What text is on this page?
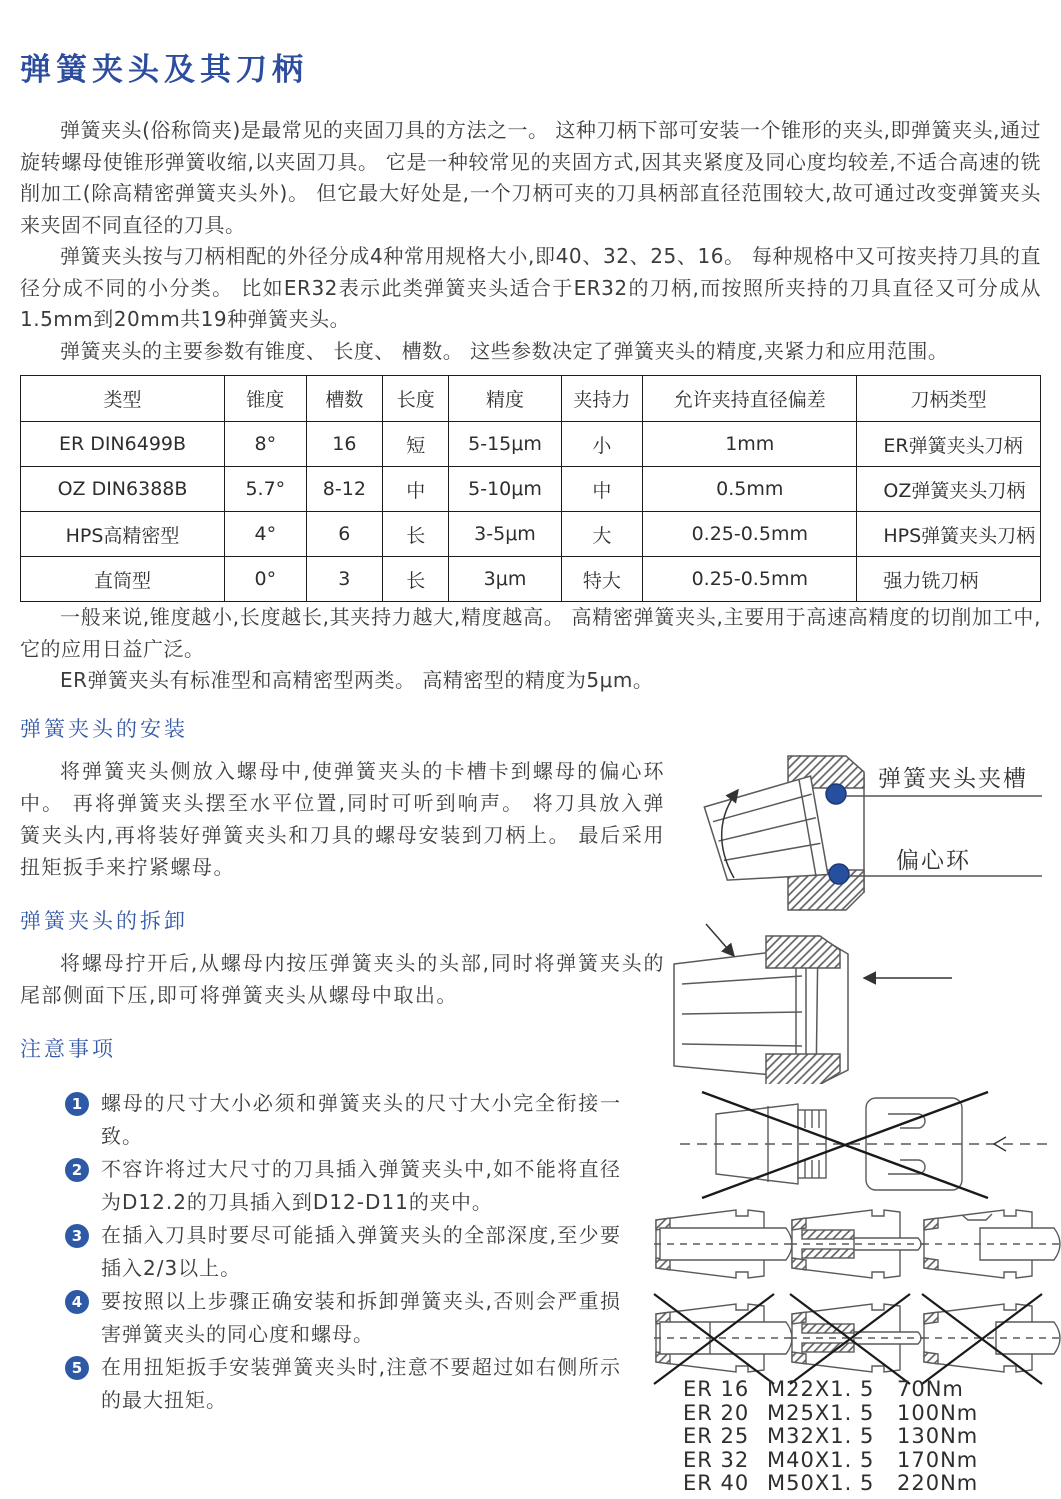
弹簧夹头及其刀柄

弹簧夹头(俗称筒夹)是最常见的夹固刀具的方法之一。 这种刀柄下部可安装一个锥形的夹头,即弹簧夹头,通过旋转螺母使锥形弹簧收缩,以夹固刀具。 它是一种较常见的夹固方式,因其夹紧度及同心度均较差,不适合高速的铣削加工(除高精密弹簧夹头外)。 但它最大好处是,一个刀柄可夹的刀具柄部直径范围较大,故可通过改变弹簧夹头来夹固不同直径的刀具。

弹簧夹头按与刀柄相配的外径分成4种常用规格大小,即40、32、25、16。 每种规格中又可按夹持刀具的直径分成不同的小分类。 比如ER32表示此类弹簧夹头适合于ER32的刀柄,而按照所夹持的刀具直径又可分成从1.5mm到20mm共19种弹簧夹头。

弹簧夹头的主要参数有锥度、 长度、 槽数。 这些参数决定了弹簧夹头的精度,夹紧力和应用范围。

类型	锥度	槽数	长度	精度	夹持力	允许夹持直径偏差	刀柄类型
ER DIN6499B	8°	16	短	5-15μm	小	1mm	ER弹簧夹头刀柄
OZ DIN6388B	5.7°	8-12	中	5-10μm	中	0.5mm	OZ弹簧夹头刀柄
HPS高精密型	4°	6	长	3-5μm	大	0.25-0.5mm	HPS弹簧夹头刀柄
直筒型	0°	3	长	3μm	特大	0.25-0.5mm	强力铣刀柄

一般来说,锥度越小,长度越长,其夹持力越大,精度越高。 高精密弹簧夹头,主要用于高速高精度的切削加工中,它的应用日益广泛。

ER弹簧夹头有标准型和高精密型两类。 高精密型的精度为5μm。

弹簧夹头的安装

将弹簧夹头侧放入螺母中,使弹簧夹头的卡槽卡到螺母的偏心环中。 再将弹簧夹头摆至水平位置,同时可听到响声。 将刀具放入弹簧夹头内,再将装好弹簧夹头和刀具的螺母安装到刀柄上。 最后采用扭矩扳手来拧紧螺母。

弹簧夹头的拆卸

将螺母拧开后,从螺母内按压弹簧夹头的头部,同时将弹簧夹头的尾部侧面下压,即可将弹簧夹头从螺母中取出。

注意事项
1 螺母的尺寸大小必须和弹簧夹头的尺寸大小完全衔接一致。

2 不容许将过大尺寸的刀具插入弹簧夹头中,如不能将直径为D12.2的刀具插入到D12-D11的夹中。

3 在插入刀具时要尽可能插入弹簧夹头的全部深度,至少要插入2/3以上。

4 要按照以上步骤正确安装和拆卸弹簧夹头,否则会严重损害弹簧夹头的同心度和螺母。

5 在用扭矩扳手安装弹簧夹头时,注意不要超过如右侧所示的最大扭矩。

弹簧夹头夹槽
偏心环
ER 16 M22X1. 5	70Nm
ER 20 M25X1. 5	100Nm
ER 25 M32X1. 5	130Nm
ER 32 M40X1. 5	170Nm
ER 40 M50X1. 5	220Nm
